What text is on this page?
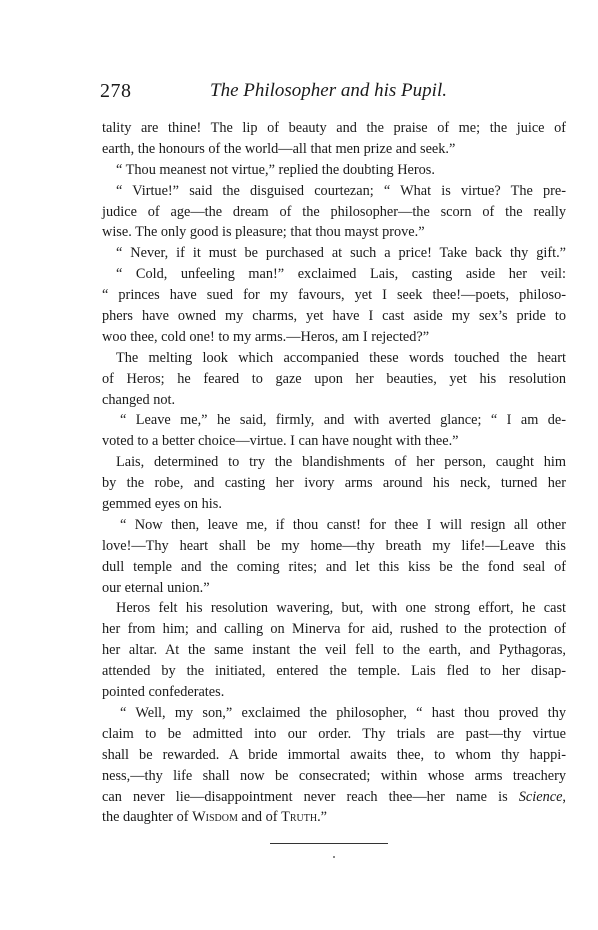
278	The Philosopher and his Pupil.
tality are thine! The lip of beauty and the praise of me; the juice of
earth, the honours of the world—all that men prize and seek.”
“ Thou meanest not virtue,” replied the doubting Heros.
“ Virtue!” said the disguised courtezan; “ What is virtue? The pre-
judice of age—the dream of the philosopher—the scorn of the really
wise. The only good is pleasure; that thou mayst prove.”
“ Never, if it must be purchased at such a price! Take back thy gift.”
“ Cold, unfeeling man!” exclaimed Lais, casting aside her veil:
“ princes have sued for my favours, yet I seek thee!—poets, philoso-
phers have owned my charms, yet have I cast aside my sex’s pride to
woo thee, cold one! to my arms.—Heros, am I rejected?”
The melting look which accompanied these words touched the heart
of Heros; he feared to gaze upon her beauties, yet his resolution
changed not.
“ Leave me,” he said, firmly, and with averted glance; “ I am de-
voted to a better choice—virtue. I can have nought with thee.”
Lais, determined to try the blandishments of her person, caught him
by the robe, and casting her ivory arms around his neck, turned her
gemmed eyes on his.
“ Now then, leave me, if thou canst! for thee I will resign all other
love!—Thy heart shall be my home—thy breath my life!—Leave this
dull temple and the coming rites; and let this kiss be the fond seal of
our eternal union.”
Heros felt his resolution wavering, but, with one strong effort, he cast
her from him; and calling on Minerva for aid, rushed to the protection of
her altar. At the same instant the veil fell to the earth, and Pythagoras,
attended by the initiated, entered the temple. Lais fled to her disap-
pointed confederates.
“ Well, my son,” exclaimed the philosopher, “ hast thou proved thy
claim to be admitted into our order. Thy trials are past—thy virtue
shall be rewarded. A bride immortal awaits thee, to whom thy happi-
ness,—thy life shall now be consecrated; within whose arms treachery
can never lie—disappointment never reach thee—her name is Science,
the daughter of Wisdom and of Truth.”
